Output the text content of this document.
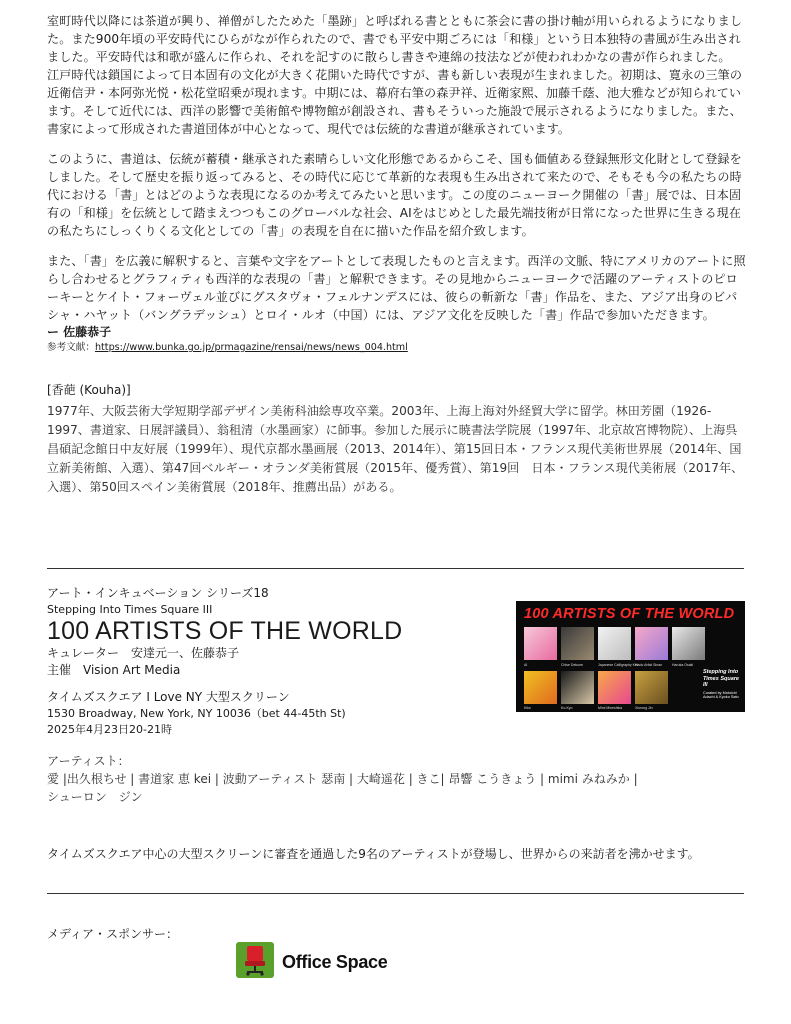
室町時代以降には茶道が興り、禅僧がしたためた「墨跡」と呼ばれる書とともに茶会に書の掛け軸が用いられるようになりました。また900年頃の平安時代にひらがなが作られたので、書でも平安中期ごろには「和様」という日本独特の書風が生み出されました。平安時代は和歌が盛んに作られ、それを記すのに散らし書きや連綿の技法などが使われわかなの書が作られました。

江戸時代は鎖国によって日本固有の文化が大きく花開いた時代ですが、書も新しい表現が生まれました。初期は、寛永の三筆の近衛信尹・本阿弥光悦・松花堂昭乗が現れます。中期には、幕府右筆の森尹祥、近衛家熙、加藤千蔭、池大雅などが知られています。そして近代には、西洋の影響で美術館や博物館が創設され、書もそういった施設で展示されるようになりました。また、書家によって形成された書道団体が中心となって、現代では伝統的な書道が継承されています。

このように、書道は、伝統が蓄積・継承された素晴らしい文化形態であるからこそ、国も価値ある登録無形文化財として登録をしました。そして歴史を振り返ってみると、その時代に応じて革新的な表現も生み出されて来たので、そもそも今の私たちの時代における「書」とはどのような表現になるのか考えてみたいと思います。この度のニューヨーク開催の「書」展では、日本固有の「和様」を伝統として踏まえつつもこのグローバルな社会、AIをはじめとした最先端技術が日常になった世界に生きる現在の私たちにしっくりくる文化としての「書」の表現を自在に描いた作品を紹介致します。

また、「書」を広義に解釈すると、言葉や文字をアートとして表現したものと言えます。西洋の文脈、特にアメリカのアートに照らし合わせるとグラフィティも西洋的な表現の「書」と解釈できます。その見地からニューヨークで活躍のアーティストのピローキーとケイト・フォーヴェル並びにグスタヴォ・フェルナンデスには、彼らの斬新な「書」作品を、また、アジア出身のビパシャ・ハヤット（バングラデッシュ）とロイ・ルオ（中国）には、アジア文化を反映した「書」作品で参加いただきます。

ー 佐藤恭子

参考文献：https://www.bunka.go.jp/prmagazine/rensai/news/news_004.html

[香葩 (Kouha)]

1977年、大阪芸術大学短期学部デザイン美術科油絵専攻卒業。2003年、上海上海対外経貿大学に留学。林田芳園（1926-1997、書道家、日展評議員）、翁租清（水墨画家）に師事。参加した展示に暁書法学院展（1997年、北京故宮博物院）、上海呉昌碩記念館日中友好展（1999年）、現代京都水墨画展（2013、2014年）、第15回日本・フランス現代美術世界展（2014年、国立新美術館、入選）、第47回ベルギー・オランダ美術賞展（2015年、優秀賞）、第19回　日本・フランス現代美術展（2017年、入選）、第50回スペイン美術賞展（2018年、推薦出品）がある。

アート・インキュベーション シリーズ18

Stepping Into Times Square III

100 ARTISTS OF THE WORLD

キュレーター　安達元一、佐藤恭子

主催　Vision Art Media

タイムズスクエア I Love NY 大型スクリーン

1530 Broadway, New York, NY 10036（bet 44-45th St)

2025年4月23日20-21時

アーティスト：

愛 |出久根ちせ | 書道家 恵 kei | 波動アーティスト 瑟南 | 大崎遥花 | きこ| 昂響 こうきょう | mimi みねみか |

シューロン　ジン

100 ARTISTS OF THE WORLD
AI	Chise Dekune	Japanese Calligraphy Kei
Hado Artist Sinan	Haruka Osaki
Kiko	Ko-Kyo	Mimi Mineshika	Xiurong Jin
Stepping Into Times Square III
Curated by Motoichi Adachi & Kyoko Sato

タイムズスクエア中心の大型スクリーンに審査を通過した9名のアーティストが登場し、世界からの来訪者を沸かせます。

メディア・スポンサー：

Office Space
